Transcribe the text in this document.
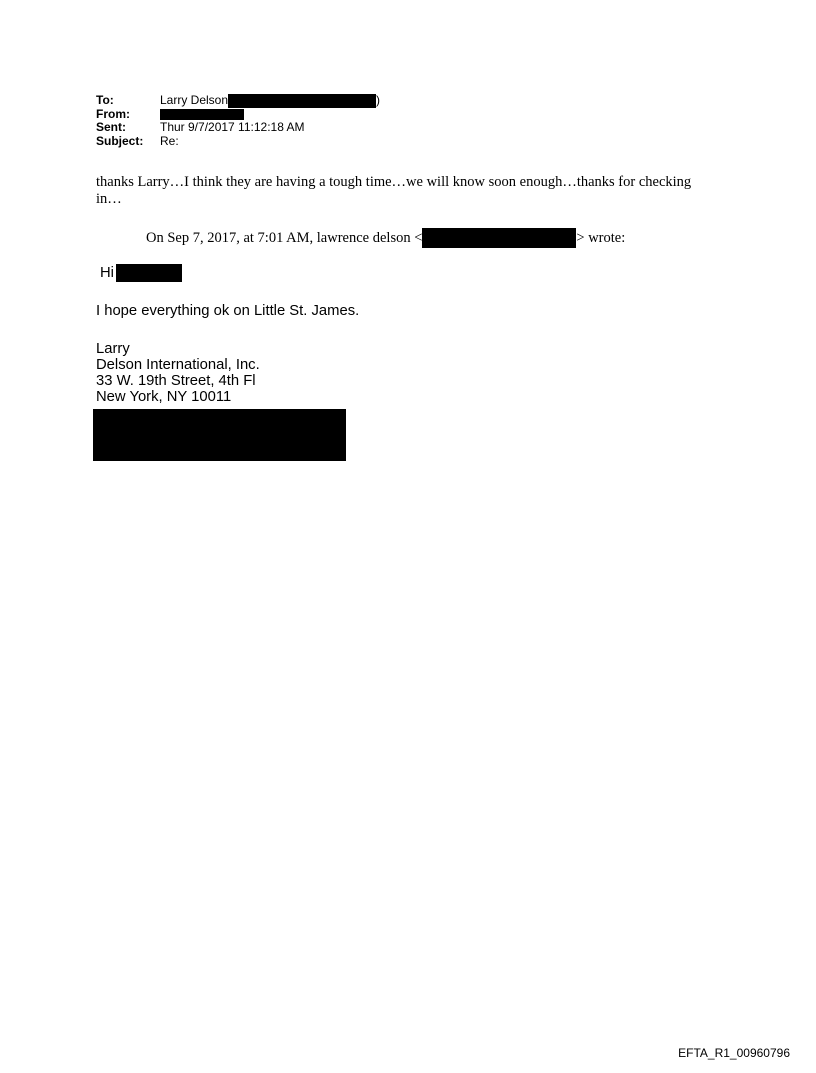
To:	Larry Delson	)
From:
Sent:	Thur 9/7/2017 11:12:18 AM
Subject:	Re:
thanks Larry…I think they are having a tough time…we will know soon enough…thanks for checking in…
On Sep 7, 2017, at 7:01 AM, lawrence delson <	> wrote:
Hi
I hope everything ok on Little St. James.
Larry
Delson International, Inc.
33 W. 19th Street, 4th Fl
New York, NY 10011
EFTA_R1_00960796
